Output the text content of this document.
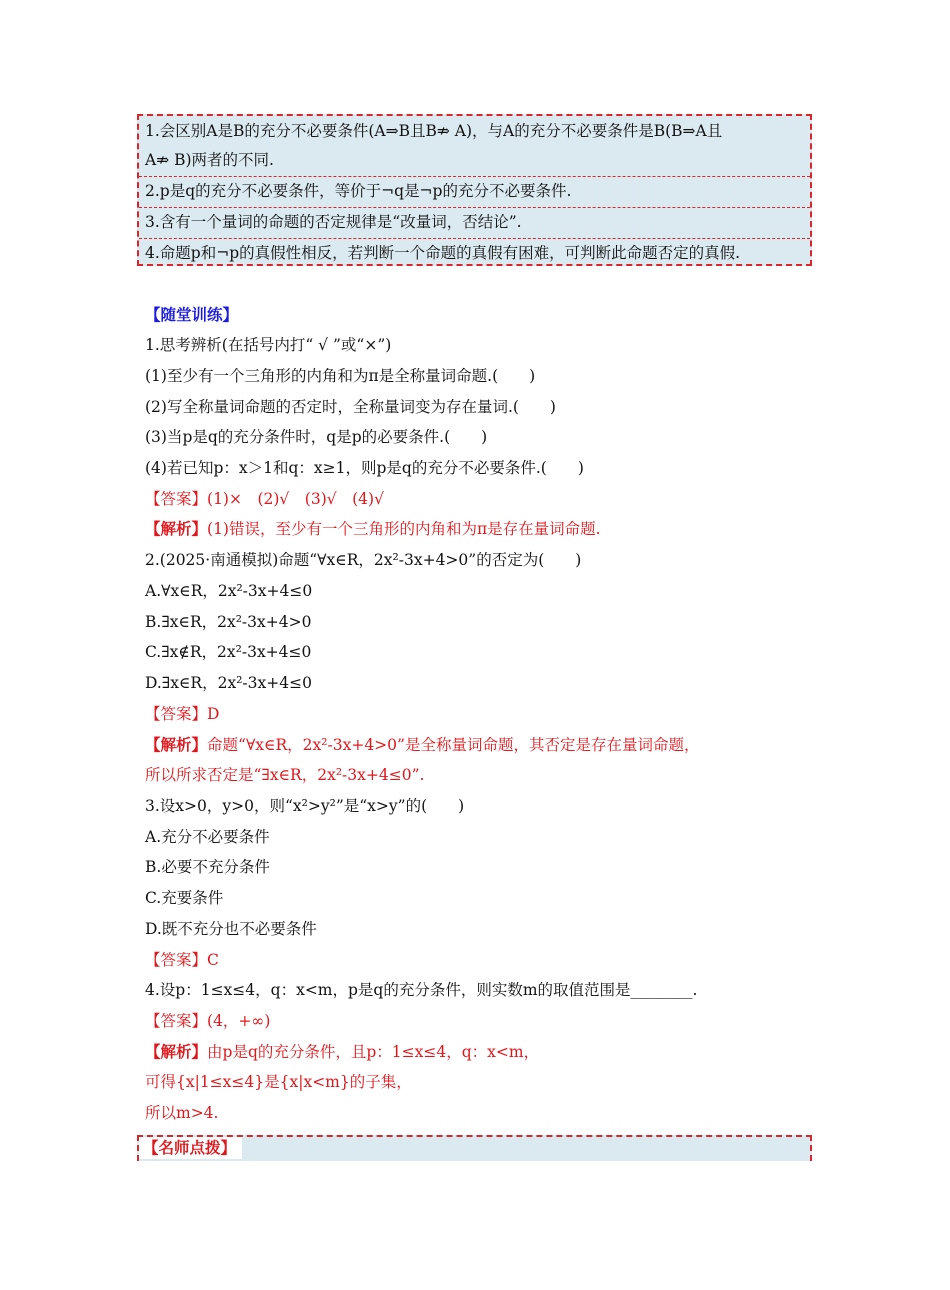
1.会区别A是B的充分不必要条件(A⇒B且B⇏ A)，与A的充分不必要条件是B(B⇒A且
A⇏ B)两者的不同.
2.p是q的充分不必要条件，等价于¬q是¬p的充分不必要条件.
3.含有一个量词的命题的否定规律是“改量词，否结论”.
4.命题p和¬p的真假性相反，若判断一个命题的真假有困难，可判断此命题否定的真假.
【随堂训练】
1.思考辨析(在括号内打“ √ ”或“×”)
(1)至少有一个三角形的内角和为π是全称量词命题.(　　)
(2)写全称量词命题的否定时，全称量词变为存在量词.(　　)
(3)当p是q的充分条件时，q是p的必要条件.(　　)
(4)若已知p：x＞1和q：x≥1，则p是q的充分不必要条件.(　　)
【答案】(1)×　(2)√　(3)√　(4)√
【解析】(1)错误，至少有一个三角形的内角和为π是存在量词命题.
2.(2025·南通模拟)命题“∀x∈R，2x²-3x+4>0”的否定为(　　)
A.∀x∈R，2x²-3x+4≤0
B.∃x∈R，2x²-3x+4>0
C.∃x∉R，2x²-3x+4≤0
D.∃x∈R，2x²-3x+4≤0
【答案】D
【解析】命题“∀x∈R，2x²-3x+4>0”是全称量词命题，其否定是存在量词命题，
所以所求否定是“∃x∈R，2x²-3x+4≤0”.
3.设x>0，y>0，则“x²>y²”是“x>y”的(　　)
A.充分不必要条件
B.必要不充分条件
C.充要条件
D.既不充分也不必要条件
【答案】C
4.设p：1≤x≤4，q：x<m，p是q的充分条件，则实数m的取值范围是________.
【答案】(4，+∞)
【解析】由p是q的充分条件，且p：1≤x≤4，q：x<m，
可得{x|1≤x≤4}是{x|x<m}的子集，
所以m>4.
【名师点拨】
